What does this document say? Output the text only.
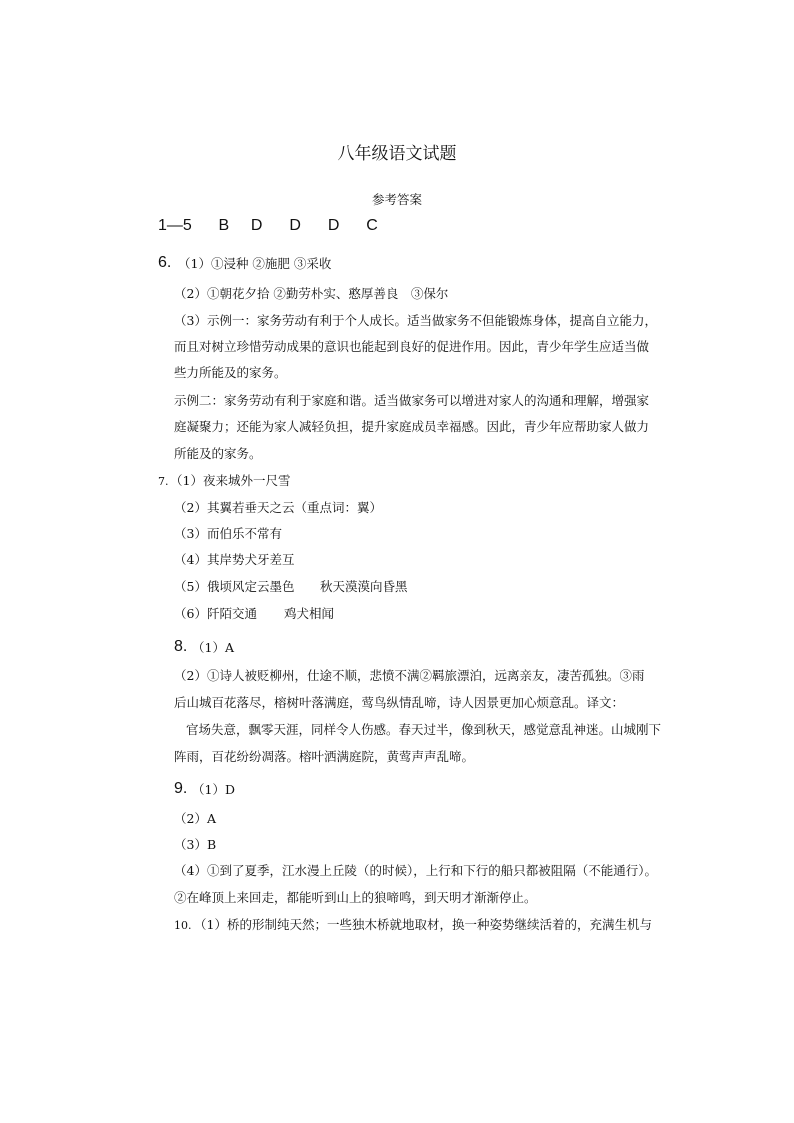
八年级语文试题
参考答案
1—5 B D D D C
6. （1）①浸种 ②施肥 ③采收
（2）①朝花夕拾 ②勤劳朴实、憨厚善良　③保尔
（3）示例一：家务劳动有利于个人成长。适当做家务不但能锻炼身体，提高自立能力，
而且对树立珍惜劳动成果的意识也能起到良好的促进作用。因此，青少年学生应适当做
些力所能及的家务。
示例二：家务劳动有利于家庭和谐。适当做家务可以增进对家人的沟通和理解，增强家
庭凝聚力；还能为家人减轻负担，提升家庭成员幸福感。因此，青少年应帮助家人做力
所能及的家务。
7. （1）夜来城外一尺雪
（2）其翼若垂天之云（重点词：翼）
（3）而伯乐不常有
（4）其岸势犬牙差互
（5）俄顷风定云墨色 秋天漠漠向昏黑
（6）阡陌交通 鸡犬相闻
8. （1）A
（2）①诗人被贬柳州，仕途不顺，悲愤不满②羁旅漂泊，远离亲友，凄苦孤独。③雨
后山城百花落尽，榕树叶落满庭，莺鸟纵情乱啼，诗人因景更加心烦意乱。译文：
官场失意，飘零天涯，同样令人伤感。春天过半，像到秋天，感觉意乱神迷。山城刚下
阵雨，百花纷纷凋落。榕叶洒满庭院，黄莺声声乱啼。
9. （1）D
（2）A
（3）B
（4）①到了夏季，江水漫上丘陵（的时候），上行和下行的船只都被阻隔（不能通行）。
②在峰顶上来回走，都能听到山上的狼啼鸣，到天明才渐渐停止。
10. （1）桥的形制纯天然；一些独木桥就地取材，换一种姿势继续活着的，充满生机与
